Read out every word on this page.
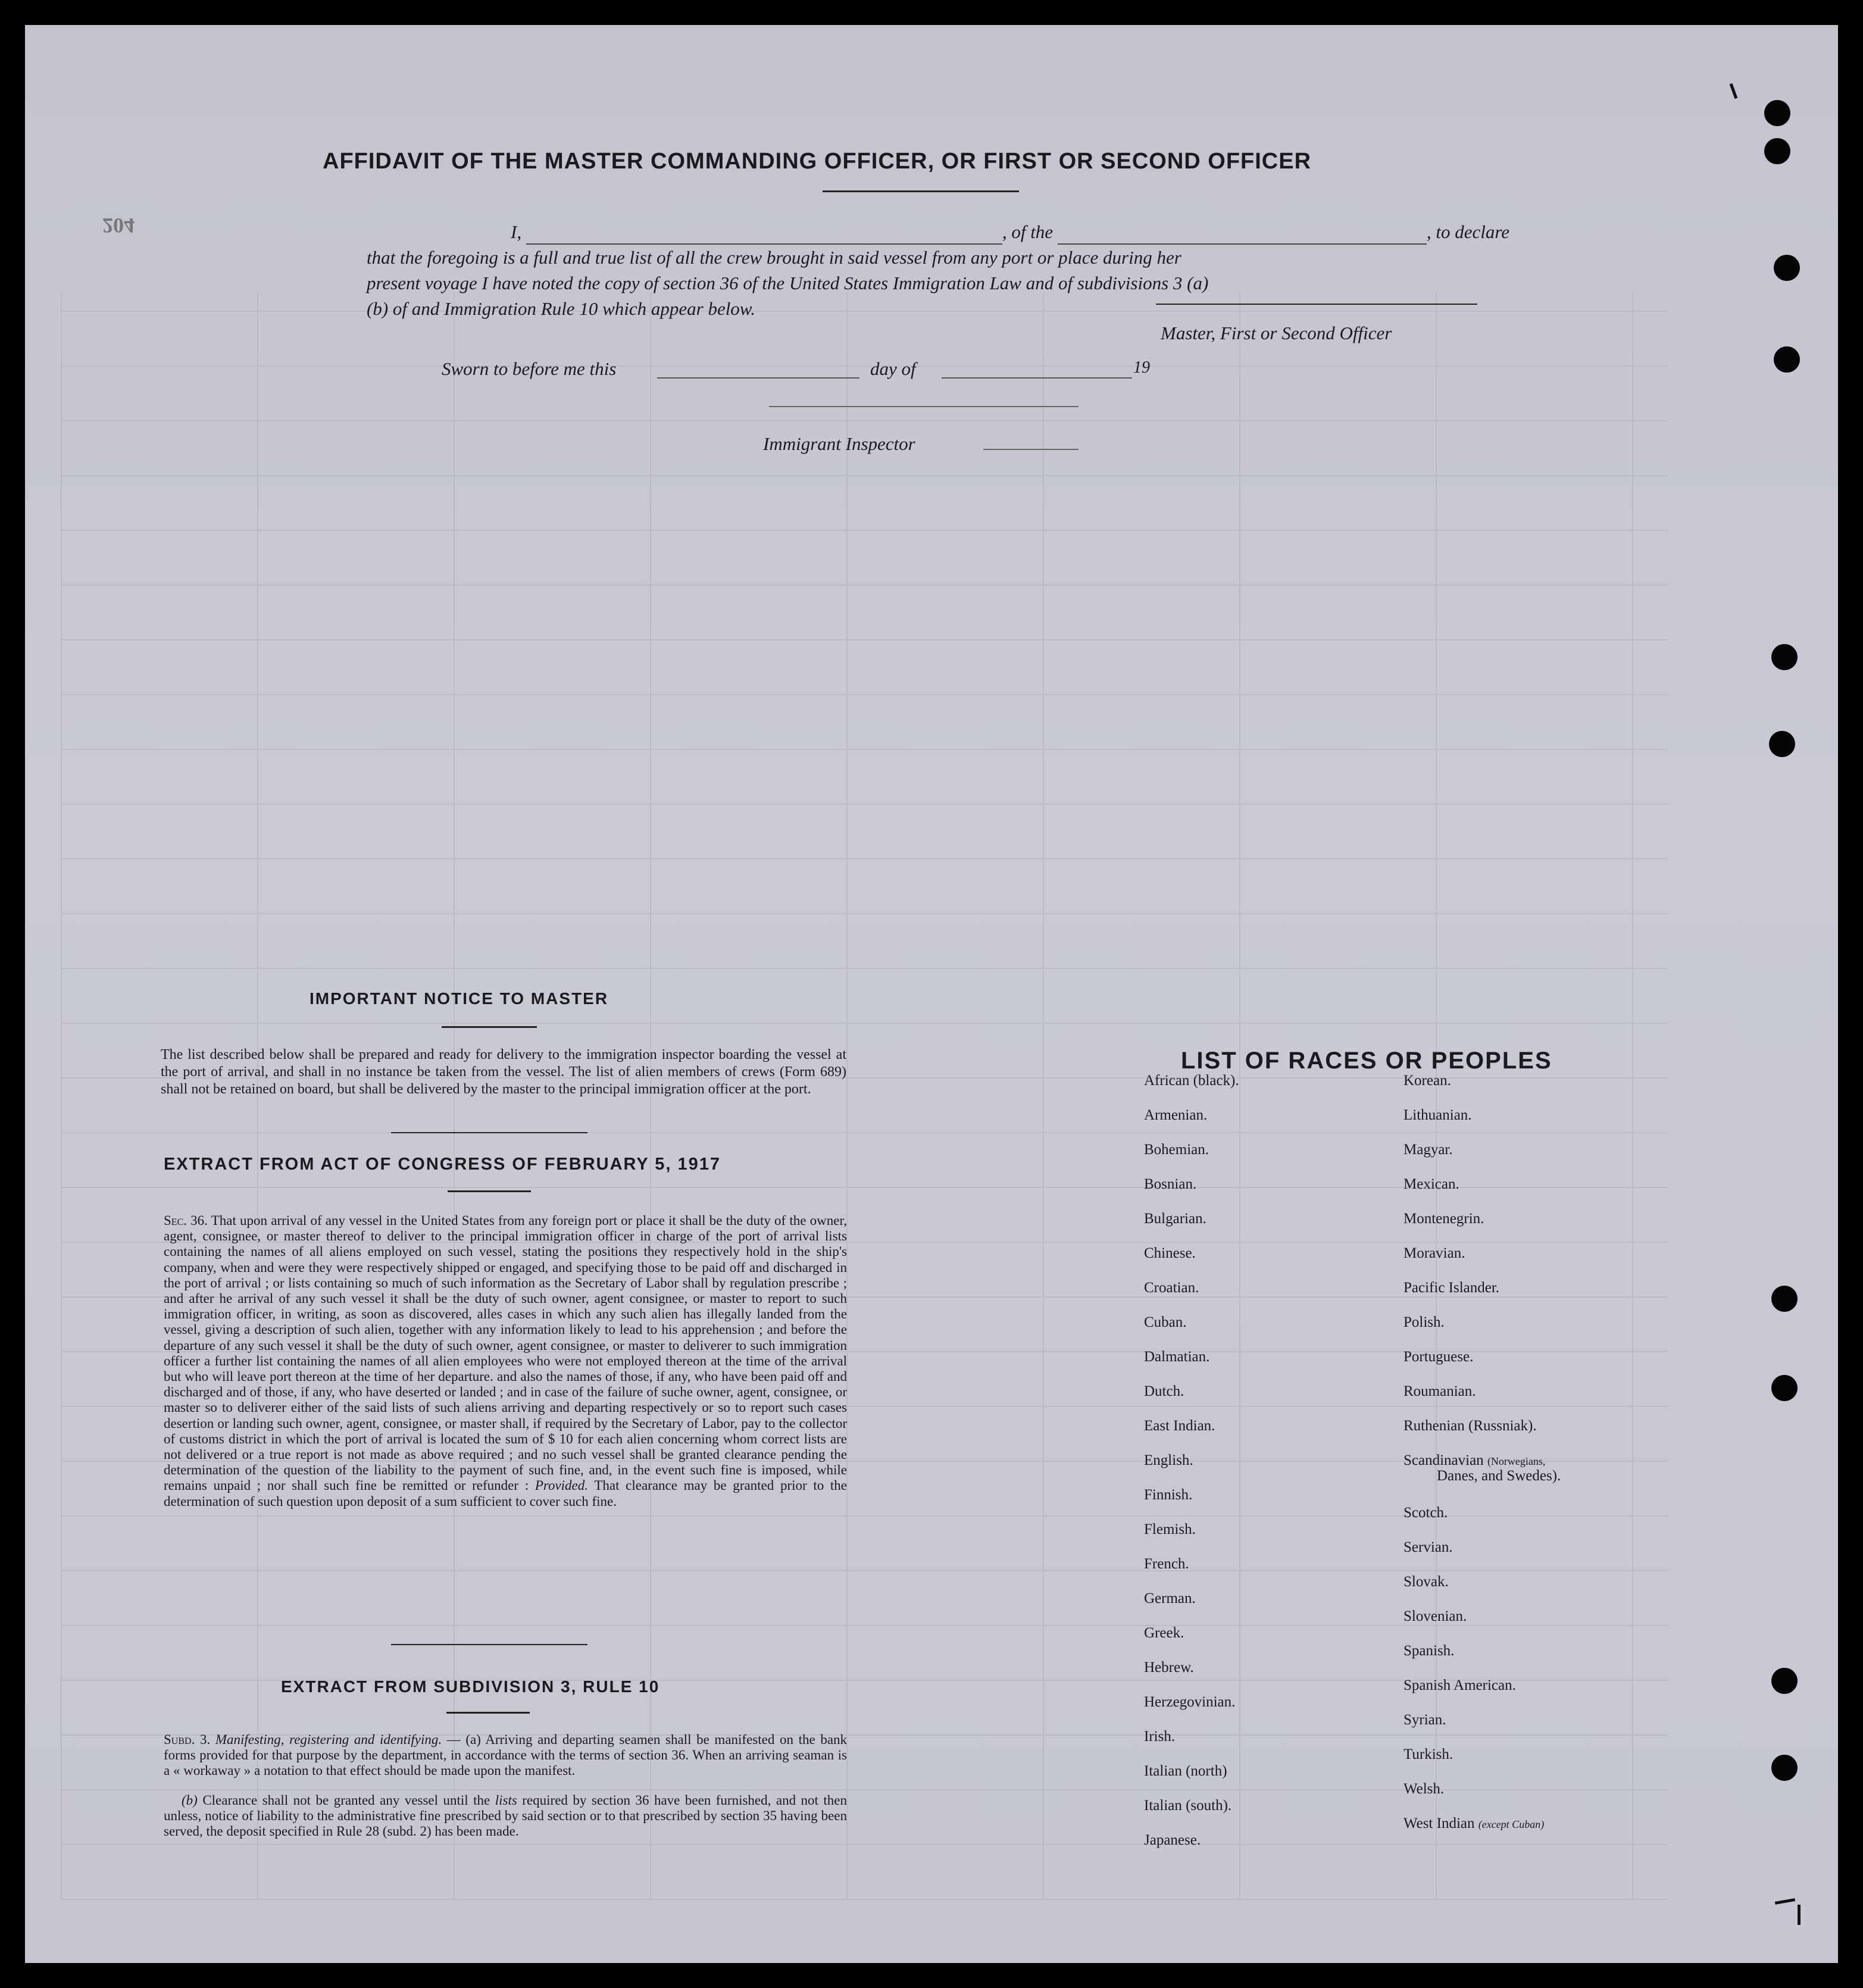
204
AFFIDAVIT OF THE MASTER COMMANDING OFFICER, OR FIRST OR SECOND OFFICER
I,	, of the	, to declare
that the foregoing is a full and true list of all the crew brought in said vessel from any port or place during her
present voyage I have noted the copy of section 36 of the United States Immigration Law and of subdivisions 3 (a)
(b) of and Immigration Rule 10 which appear below.
Master, First or Second Officer
Sworn to before me this	day of	19
Immigrant Inspector
IMPORTANT NOTICE TO MASTER
The list described below shall be prepared and ready for delivery to the immigration inspector boarding the vessel at the port of arrival, and shall in no instance be taken from the vessel. The list of alien members of crews (Form 689) shall not be retained on board, but shall be delivered by the master to the principal immigration officer at the port.
EXTRACT FROM ACT OF CONGRESS OF FEBRUARY 5, 1917
Sec. 36. That upon arrival of any vessel in the United States from any foreign port or place it shall be the duty of the owner, agent, consignee, or master thereof to deliver to the principal immigration officer in charge of the port of arrival lists containing the names of all aliens employed on such vessel, stating the positions they respectively hold in the ship's company, when and were they were respectively shipped or engaged, and specifying those to be paid off and discharged in the port of arrival ; or lists containing so much of such information as the Secretary of Labor shall by regulation prescribe ; and after he arrival of any such vessel it shall be the duty of such owner, agent consignee, or master to report to such immigration officer, in writing, as soon as discovered, alles cases in which any such alien has illegally landed from the vessel, giving a description of such alien, together with any information likely to lead to his apprehension ; and before the departure of any such vessel it shall be the duty of such owner, agent consignee, or master to deliverer to such immigration officer a further list containing the names of all alien employees who were not employed thereon at the time of the arrival but who will leave port thereon at the time of her departure. and also the names of those, if any, who have been paid off and discharged and of those, if any, who have deserted or landed ; and in case of the failure of suche owner, agent, consignee, or master so to deliverer either of the said lists of such aliens arriving and departing respectively or so to report such cases desertion or landing such owner, agent, consignee, or master shall, if required by the Secretary of Labor, pay to the collector of customs district in which the port of arrival is located the sum of $ 10 for each alien concerning whom correct lists are not delivered or a true report is not made as above required ; and no such vessel shall be granted clearance pending the determination of the question of the liability to the payment of such fine, and, in the event such fine is imposed, while remains unpaid ; nor shall such fine be remitted or refunder : Provided. That clearance may be granted prior to the determination of such question upon deposit of a sum sufficient to cover such fine.
EXTRACT FROM SUBDIVISION 3, RULE 10
Subd. 3. Manifesting, registering and identifying. — (a) Arriving and departing seamen shall be manifested on the bank forms provided for that purpose by the department, in accordance with the terms of section 36. When an arriving seaman is a « workaway » a notation to that effect should be made upon the manifest.
(b) Clearance shall not be granted any vessel until the lists required by section 36 have been furnished, and not then unless, notice of liability to the administrative fine prescribed by said section or to that prescribed by section 35 having been served, the deposit specified in Rule 28 (subd. 2) has been made.
LIST OF RACES OR PEOPLES
African (black).
Armenian.
Bohemian.
Bosnian.
Bulgarian.
Chinese.
Croatian.
Cuban.
Dalmatian.
Dutch.
East Indian.
English.
Finnish.
Flemish.
French.
German.
Greek.
Hebrew.
Herzegovinian.
Irish.
Italian (north)
Italian (south).
Japanese.
Korean.
Lithuanian.
Magyar.
Mexican.
Montenegrin.
Moravian.
Pacific Islander.
Polish.
Portuguese.
Roumanian.
Ruthenian (Russniak).
Scandinavian (Norwegians,
Danes, and Swedes).
Scotch.
Servian.
Slovak.
Slovenian.
Spanish.
Spanish American.
Syrian.
Turkish.
Welsh.
West Indian (except Cuban)
